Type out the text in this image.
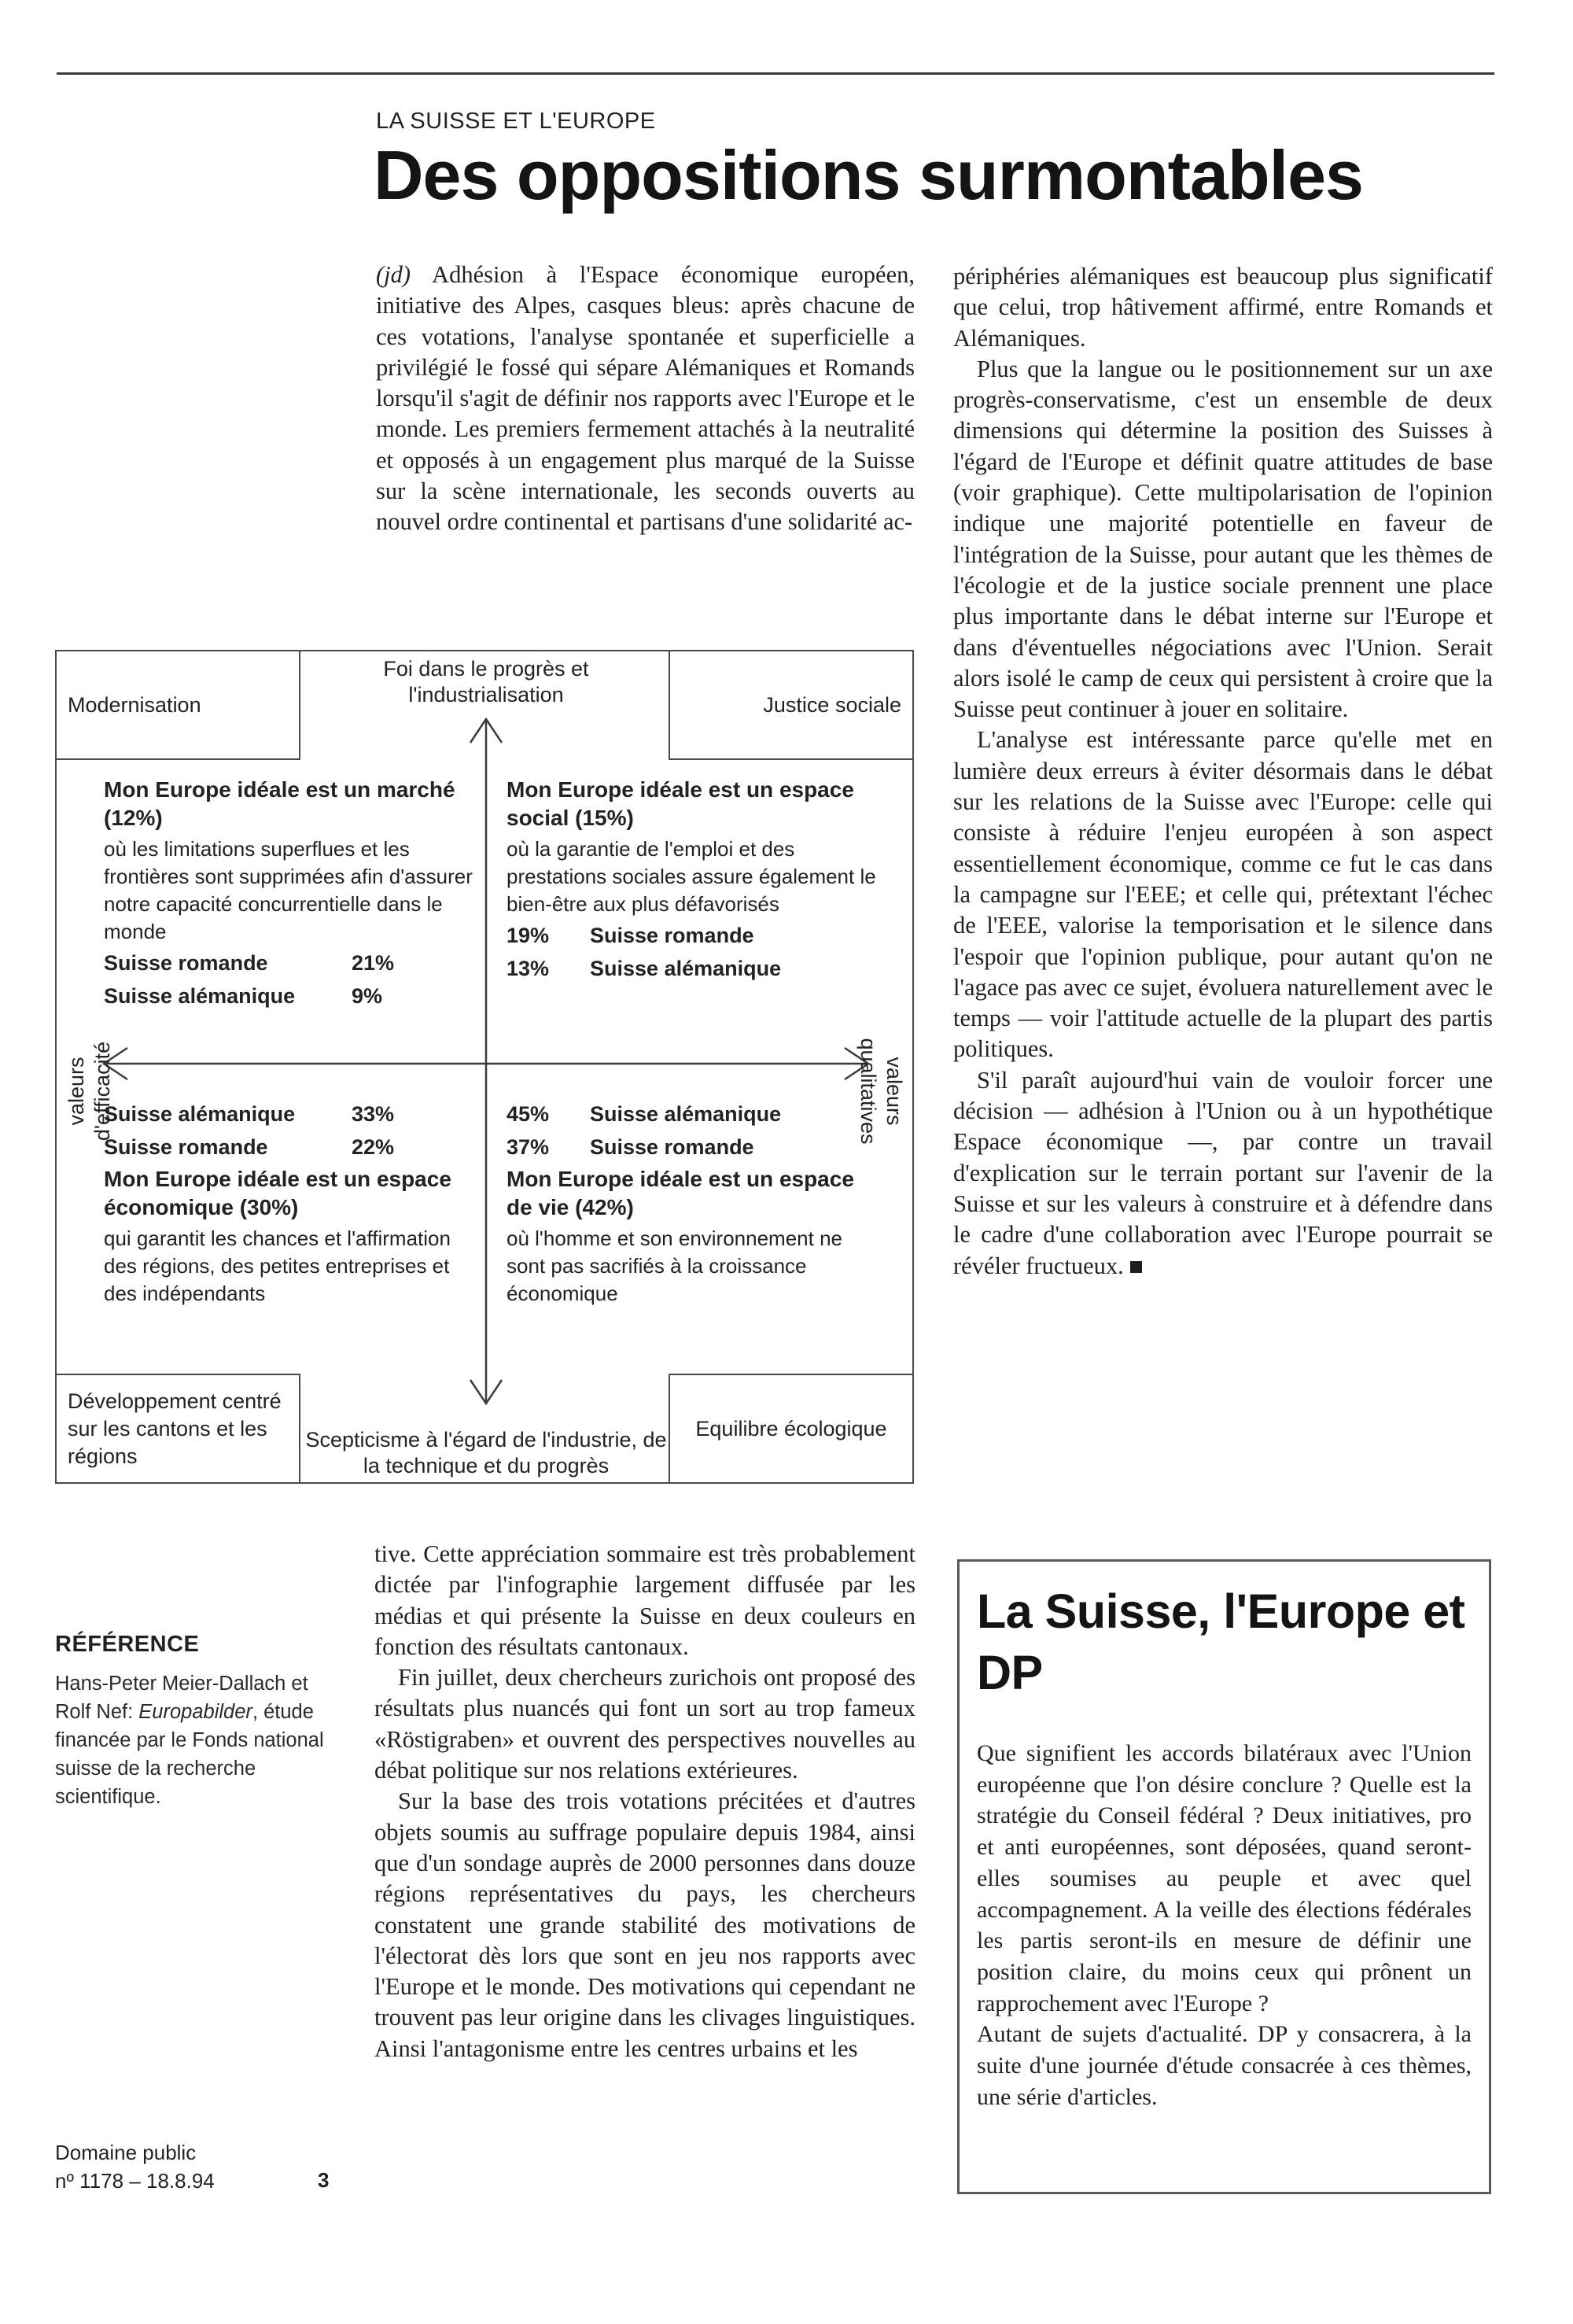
LA SUISSE ET L'EUROPE
Des oppositions surmontables

(jd) Adhésion à l'Espace économique européen, initiative des Alpes, casques bleus: après chacune de ces votations, l'analyse spontanée et superficielle a privilégié le fossé qui sépare Alémaniques et Romands lorsqu'il s'agit de définir nos rapports avec l'Europe et le monde. Les premiers fermement attachés à la neutralité et opposés à un engagement plus marqué de la Suisse sur la scène internationale, les seconds ouverts au nouvel ordre continental et partisans d'une solidarité ac-

Modernisation	Justice sociale
Développement centré sur les cantons et les régions
Equilibre écologique
Foi dans le progrès et l'industrialisation
Scepticisme à l'égard de l'industrie, de la technique et du progrès
valeurs d'efficacité	valeurs qualitatives
Mon Europe idéale est un marché (12%)
où les limitations superflues et les frontières sont supprimées afin d'assurer notre capacité concurrentielle dans le monde
Suisse romande	21%
Suisse alémanique	9%
Mon Europe idéale est un espace social (15%)
où la garantie de l'emploi et des prestations sociales assure également le bien-être aux plus défavorisés
19%	Suisse romande
13%	Suisse alémanique
Suisse alémanique	33%
Suisse romande	22%
Mon Europe idéale est un espace économique (30%)
qui garantit les chances et l'affirmation des régions, des petites entreprises et des indépendants
45%	Suisse alémanique
37%	Suisse romande
Mon Europe idéale est un espace de vie (42%)
où l'homme et son environnement ne sont pas sacrifiés à la croissance économique

tive. Cette appréciation sommaire est très probablement dictée par l'infographie largement diffusée par les médias et qui présente la Suisse en deux couleurs en fonction des résultats cantonaux.

Fin juillet, deux chercheurs zurichois ont proposé des résultats plus nuancés qui font un sort au trop fameux «Röstigraben» et ouvrent des perspectives nouvelles au débat politique sur nos relations extérieures.

Sur la base des trois votations précitées et d'autres objets soumis au suffrage populaire depuis 1984, ainsi que d'un sondage auprès de 2000 personnes dans douze régions représentatives du pays, les chercheurs constatent une grande stabilité des motivations de l'électorat dès lors que sont en jeu nos rapports avec l'Europe et le monde. Des motivations qui cependant ne trouvent pas leur origine dans les clivages linguistiques. Ainsi l'antagonisme entre les centres urbains et les

périphéries alémaniques est beaucoup plus significatif que celui, trop hâtivement affirmé, entre Romands et Alémaniques.

Plus que la langue ou le positionnement sur un axe progrès-conservatisme, c'est un ensemble de deux dimensions qui détermine la position des Suisses à l'égard de l'Europe et définit quatre attitudes de base (voir graphique). Cette multipolarisation de l'opinion indique une majorité potentielle en faveur de l'intégration de la Suisse, pour autant que les thèmes de l'écologie et de la justice sociale prennent une place plus importante dans le débat interne sur l'Europe et dans d'éventuelles négociations avec l'Union. Serait alors isolé le camp de ceux qui persistent à croire que la Suisse peut continuer à jouer en solitaire.

L'analyse est intéressante parce qu'elle met en lumière deux erreurs à éviter désormais dans le débat sur les relations de la Suisse avec l'Europe: celle qui consiste à réduire l'enjeu européen à son aspect essentiellement économique, comme ce fut le cas dans la campagne sur l'EEE; et celle qui, prétextant l'échec de l'EEE, valorise la temporisation et le silence dans l'espoir que l'opinion publique, pour autant qu'on ne l'agace pas avec ce sujet, évoluera naturellement avec le temps — voir l'attitude actuelle de la plupart des partis politiques.

S'il paraît aujourd'hui vain de vouloir forcer une décision — adhésion à l'Union ou à un hypothétique Espace économique —, par contre un travail d'explication sur le terrain portant sur l'avenir de la Suisse et sur les valeurs à construire et à défendre dans le cadre d'une collaboration avec l'Europe pourrait se révéler fructueux.

RÉFÉRENCE
Hans-Peter Meier-Dallach et Rolf Nef: Europabilder, étude financée par le Fonds national suisse de la recherche scientifique.
Domaine public
nº 1178 – 18.8.94	3
La Suisse, l'Europe et DP

Que signifient les accords bilatéraux avec l'Union européenne que l'on désire conclure ? Quelle est la stratégie du Conseil fédéral ? Deux initiatives, pro et anti européennes, sont déposées, quand seront-elles soumises au peuple et avec quel accompagnement. A la veille des élections fédérales les partis seront-ils en mesure de définir une position claire, du moins ceux qui prônent un rapprochement avec l'Europe ?

Autant de sujets d'actualité. DP y consacrera, à la suite d'une journée d'étude consacrée à ces thèmes, une série d'articles.
